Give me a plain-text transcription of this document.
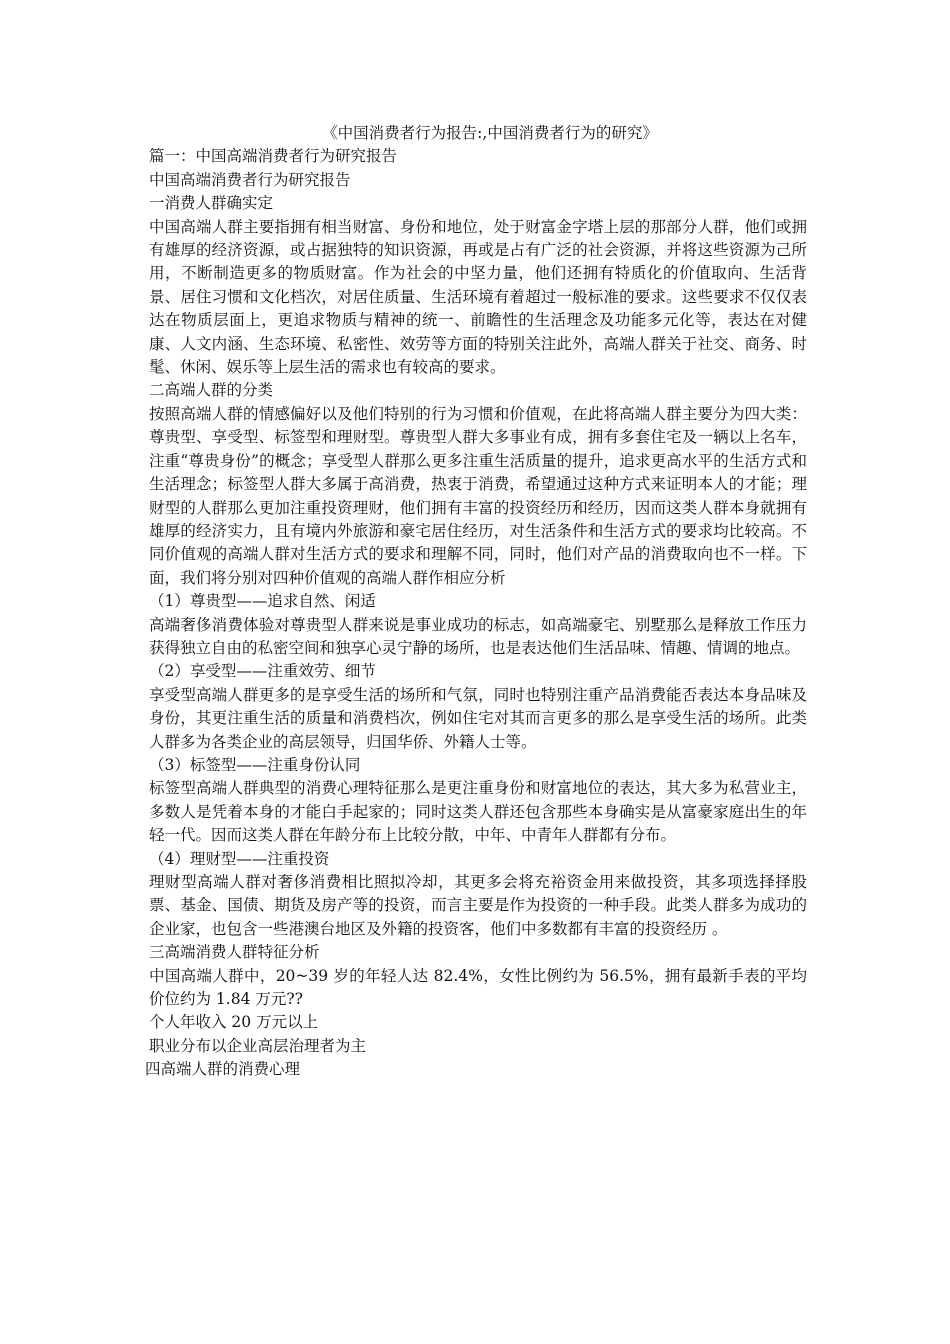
《中国消费者行为报告:,中国消费者行为的研究》

篇一：中国高端消费者行为研究报告

中国高端消费者行为研究报告

一消费人群确实定

中国高端人群主要指拥有相当财富、身份和地位，处于财富金字塔上层的那部分人群，他们或拥有雄厚的经济资源，或占据独特的知识资源，再或是占有广泛的社会资源，并将这些资源为己所用，不断制造更多的物质财富。作为社会的中坚力量，他们还拥有特质化的价值取向、生活背景、居住习惯和文化档次，对居住质量、生活环境有着超过一般标准的要求。这些要求不仅仅表达在物质层面上，更追求物质与精神的统一、前瞻性的生活理念及功能多元化等，表达在对健康、人文内涵、生态环境、私密性、效劳等方面的特别关注此外，高端人群关于社交、商务、时髦、休闲、娱乐等上层生活的需求也有较高的要求。

二高端人群的分类

按照高端人群的情感偏好以及他们特别的行为习惯和价值观，在此将高端人群主要分为四大类：尊贵型、享受型、标签型和理财型。尊贵型人群大多事业有成，拥有多套住宅及一辆以上名车，注重“尊贵身份”的概念；享受型人群那么更多注重生活质量的提升，追求更高水平的生活方式和生活理念；标签型人群大多属于高消费，热衷于消费，希望通过这种方式来证明本人的才能；理财型的人群那么更加注重投资理财，他们拥有丰富的投资经历和经历，因而这类人群本身就拥有雄厚的经济实力，且有境内外旅游和豪宅居住经历，对生活条件和生活方式的要求均比较高。不同价值观的高端人群对生活方式的要求和理解不同，同时，他们对产品的消费取向也不一样。下面，我们将分别对四种价值观的高端人群作相应分析

（1）尊贵型——追求自然、闲适

高端奢侈消费体验对尊贵型人群来说是事业成功的标志，如高端豪宅、别墅那么是释放工作压力获得独立自由的私密空间和独享心灵宁静的场所，也是表达他们生活品味、情趣、情调的地点。

（2）享受型——注重效劳、细节

享受型高端人群更多的是享受生活的场所和气氛，同时也特别注重产品消费能否表达本身品味及身份，其更注重生活的质量和消费档次，例如住宅对其而言更多的那么是享受生活的场所。此类人群多为各类企业的高层领导，归国华侨、外籍人士等。

（3）标签型——注重身份认同

标签型高端人群典型的消费心理特征那么是更注重身份和财富地位的表达，其大多为私营业主，多数人是凭着本身的才能白手起家的；同时这类人群还包含那些本身确实是从富豪家庭出生的年轻一代。因而这类人群在年龄分布上比较分散，中年、中青年人群都有分布。

（4）理财型——注重投资

理财型高端人群对奢侈消费相比照拟冷却，其更多会将充裕资金用来做投资，其多项选择择股票、基金、国债、期货及房产等的投资，而言主要是作为投资的一种手段。此类人群多为成功的企业家，也包含一些港澳台地区及外籍的投资客，他们中多数都有丰富的投资经历 。

三高端消费人群特征分析

中国高端人群中，20~39 岁的年轻人达 82.4%，女性比例约为 56.5%，拥有最新手表的平均价位约为 1.84 万元??

个人年收入 20 万元以上

职业分布以企业高层治理者为主

四高端人群的消费心理
